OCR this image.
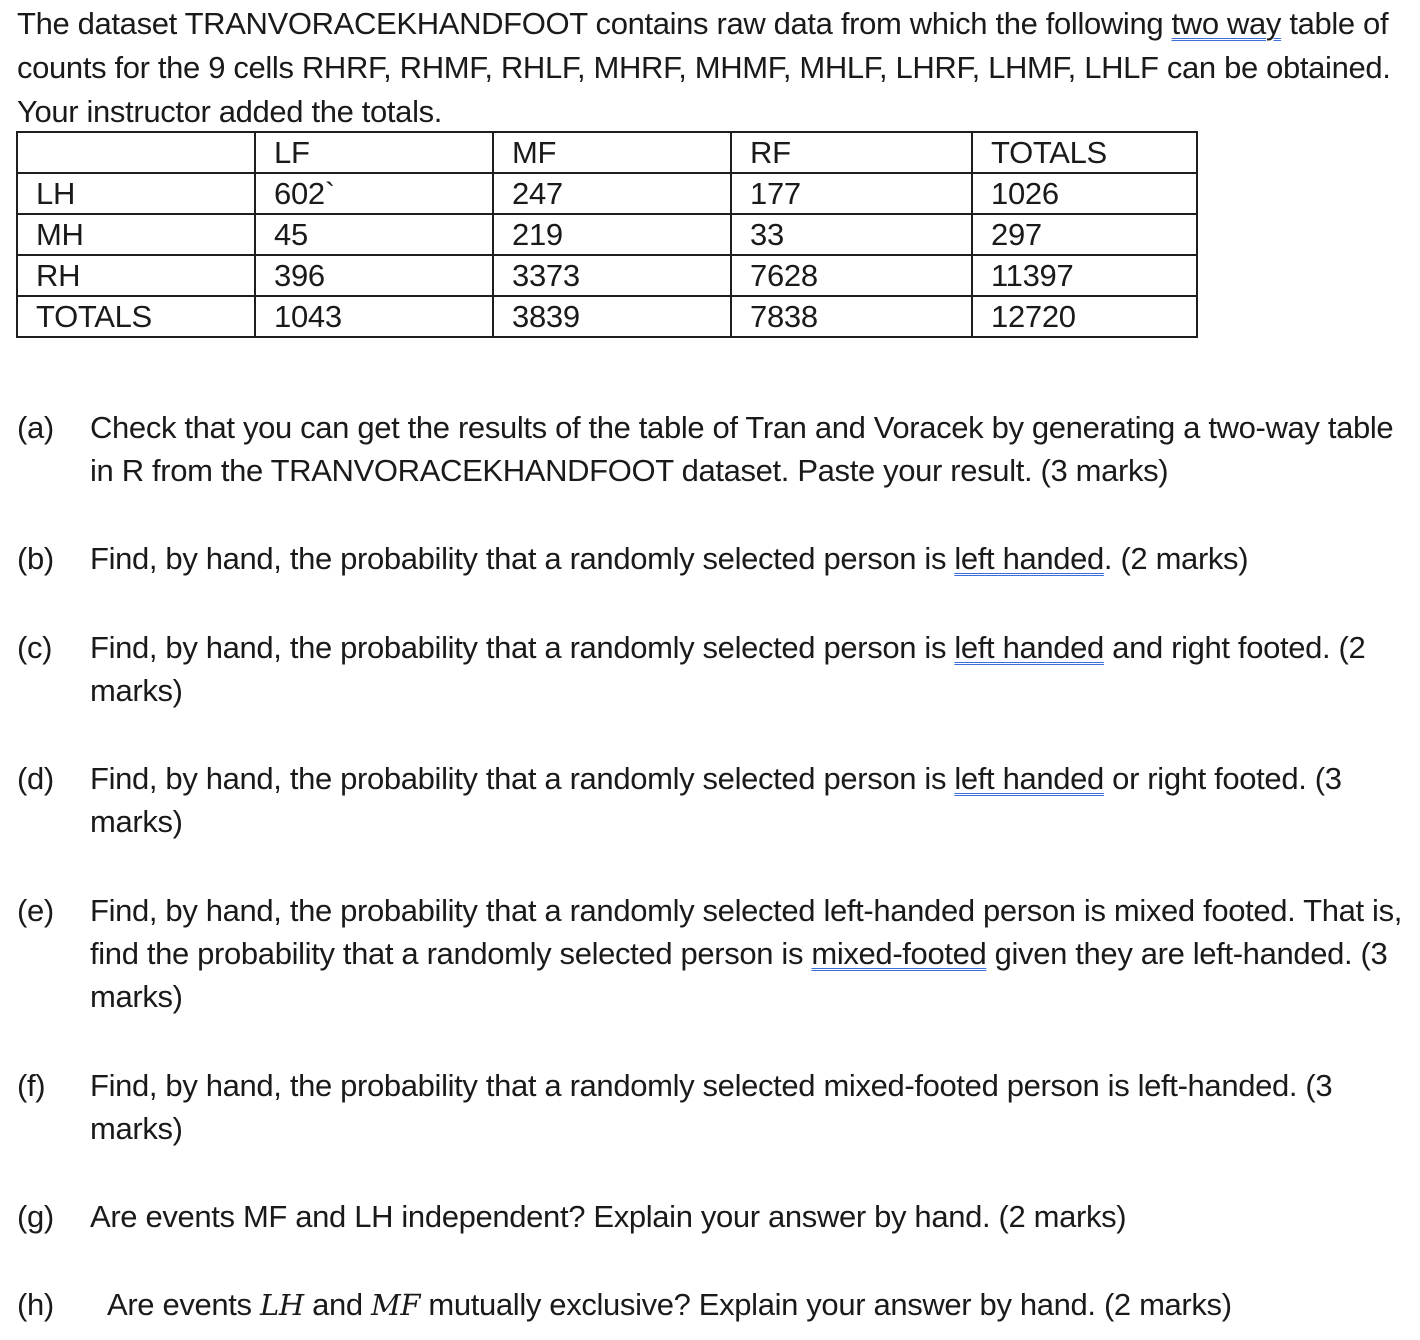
The dataset TRANVORACEKHANDFOOT contains raw data from which the following two way table of counts for the 9 cells RHRF, RHMF, RHLF, MHRF, MHMF, MHLF, LHRF, LHMF, LHLF can be obtained. Your instructor added the totals.
	LF	MF	RF	TOTALS
LH	602`	247	177	1026
MH	45	219	33	297
RH	396	3373	7628	11397
TOTALS	1043	3839	7838	12720
(a) Check that you can get the results of the table of Tran and Voracek by generating a two-way table in R from the TRANVORACEKHANDFOOT dataset. Paste your result. (3 marks)
(b) Find, by hand, the probability that a randomly selected person is left handed. (2 marks)
(c) Find, by hand, the probability that a randomly selected person is left handed and right footed. (2 marks)
(d) Find, by hand, the probability that a randomly selected person is left handed or right footed. (3 marks)
(e) Find, by hand, the probability that a randomly selected left-handed person is mixed footed. That is, find the probability that a randomly selected person is mixed-footed given they are left-handed. (3 marks)
(f) Find, by hand, the probability that a randomly selected mixed-footed person is left-handed. (3 marks)
(g) Are events MF and LH independent? Explain your answer by hand. (2 marks)
(h) Are events LH and MF mutually exclusive? Explain your answer by hand. (2 marks)
